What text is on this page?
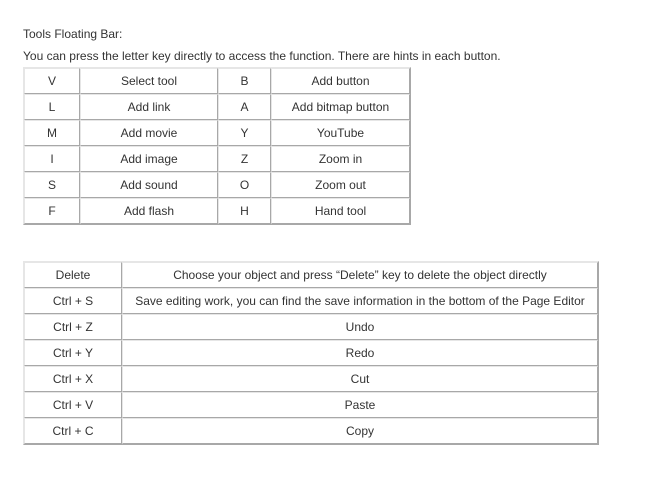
Tools Floating Bar:
You can press the letter key directly to access the function. There are hints in each button.
V	Select tool	B	Add button
L	Add link	A	Add bitmap button
M	Add movie	Y	YouTube
I	Add image	Z	Zoom in
S	Add sound	O	Zoom out
F	Add flash	H	Hand tool
Delete	Choose your object and press “Delete” key to delete the object directly
Ctrl + S	Save editing work, you can find the save information in the bottom of the Page Editor
Ctrl + Z	Undo
Ctrl + Y	Redo
Ctrl + X	Cut
Ctrl + V	Paste
Ctrl + C	Copy
